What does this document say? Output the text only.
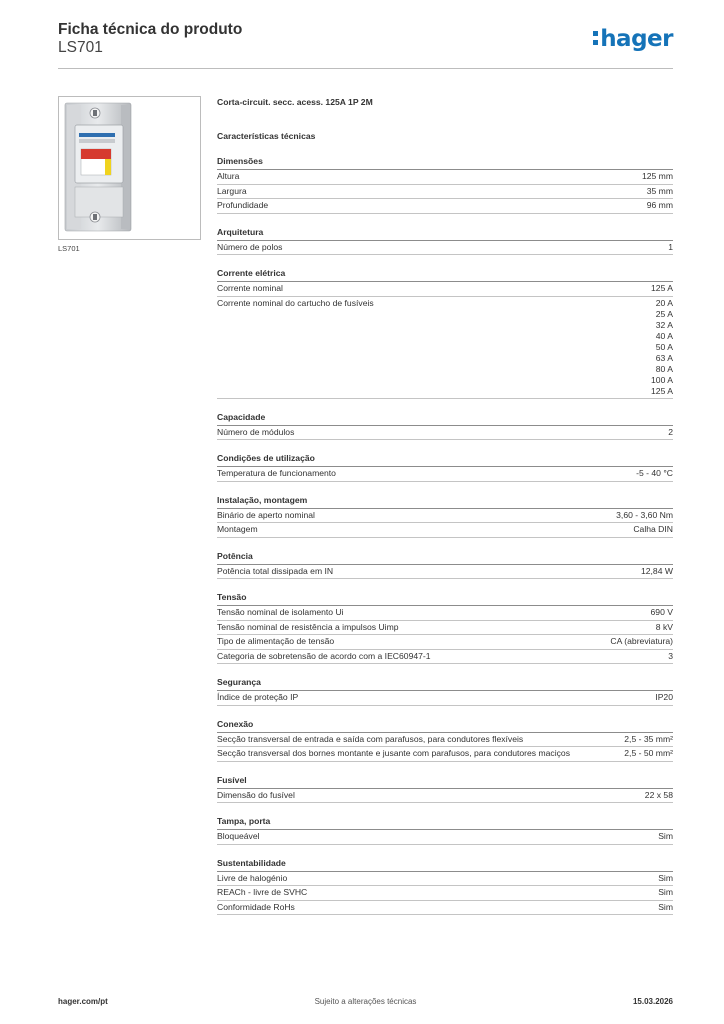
Ficha técnica do produto
LS701	hager
LS701
Corta-circuit. secc. acess. 125A 1P 2M
Características técnicas
Dimensões
Altura	125 mm
Largura	35 mm
Profundidade	96 mm
Arquitetura
Número de polos	1
Corrente elétrica
Corrente nominal	125 A
Corrente nominal do cartucho de fusíveis	20 A
25 A
32 A
40 A
50 A
63 A
80 A
100 A
125 A
Capacidade
Número de módulos	2
Condições de utilização
Temperatura de funcionamento	-5 - 40 °C
Instalação, montagem
Binário de aperto nominal	3,60 - 3,60 Nm
Montagem	Calha DIN
Potência
Potência total dissipada em IN	12,84 W
Tensão
Tensão nominal de isolamento Ui	690 V
Tensão nominal de resistência a impulsos Uimp	8 kV
Tipo de alimentação de tensão	CA (abreviatura)
Categoria de sobretensão de acordo com a IEC60947-1	3
Segurança
Índice de proteção IP	IP20
Conexão
Secção transversal de entrada e saída com parafusos, para condutores flexíveis	2,5 - 35 mm²
Secção transversal dos bornes montante e jusante com parafusos, para condutores maciços	2,5 - 50 mm²
Fusível
Dimensão do fusível	22 x 58
Tampa, porta
Bloqueável	Sim
Sustentabilidade
Livre de halogénio	Sim
REACh - livre de SVHC	Sim
Conformidade RoHs	Sim
hager.com/pt	Sujeito a alterações técnicas	15.03.2026
